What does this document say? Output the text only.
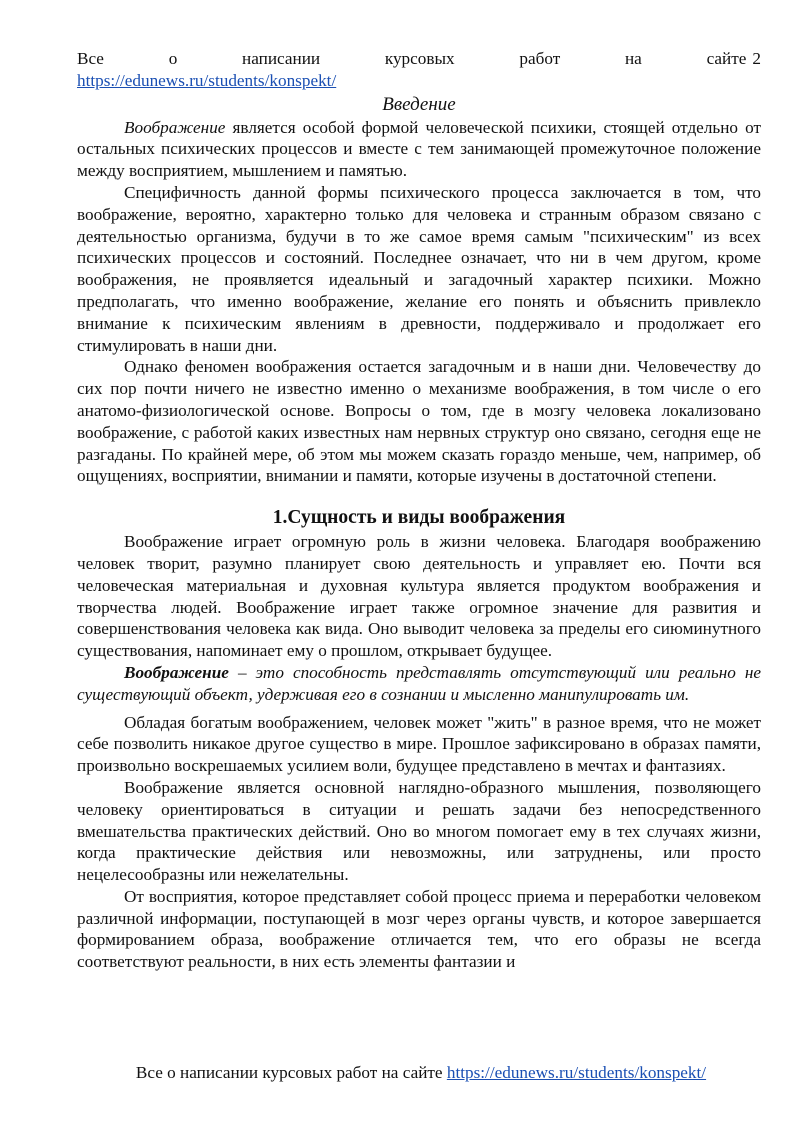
Все	о	написании	курсовых	работ	на	сайте 2
https://edunews.ru/students/konspekt/
Введение

Воображение является особой формой человеческой психики, стоящей отдельно от остальных психических процессов и вместе с тем занимающей промежуточное положение между восприятием, мышлением и памятью.

Специфичность данной формы психического процесса заключается в том, что воображение, вероятно, характерно только для человека и странным образом связано с деятельностью организма, будучи в то же самое время самым "психическим" из всех психических процессов и состояний. Последнее означает, что ни в чем другом, кроме воображения, не проявляется идеальный и загадочный характер психики. Можно предполагать, что именно воображение, желание его понять и объяснить привлекло внимание к психическим явлениям в древности, поддерживало и продолжает его стимулировать в наши дни.

Однако феномен воображения остается загадочным и в наши дни. Человечеству до сих пор почти ничего не известно именно о механизме воображения, в том числе о его анатомо-физиологической основе. Вопросы о том, где в мозгу человека локализовано воображение, с работой каких известных нам нервных структур оно связано, сегодня еще не разгаданы. По крайней мере, об этом мы можем сказать гораздо меньше, чем, например, об ощущениях, восприятии, внимании и памяти, которые изучены в достаточной степени.

1.Сущность и виды воображения

Воображение играет огромную роль в жизни человека. Благодаря воображению человек творит, разумно планирует свою деятельность и управляет ею. Почти вся человеческая материальная и духовная культура является продуктом воображения и творчества людей. Воображение играет также огромное значение для развития и совершенствования человека как вида. Оно выводит человека за пределы его сиюминутного существования, напоминает ему о прошлом, открывает будущее.

Воображение – это способность представлять отсутствующий или реально не существующий объект, удерживая его в сознании и мысленно манипулировать им.

Обладая богатым воображением, человек может "жить" в разное время, что не может себе позволить никакое другое существо в мире. Прошлое зафиксировано в образах памяти, произвольно воскрешаемых усилием воли, будущее представлено в мечтах и фантазиях.

Воображение является основной наглядно-образного мышления, позволяющего человеку ориентироваться в ситуации и решать задачи без непосредственного вмешательства практических действий. Оно во многом помогает ему в тех случаях жизни, когда практические действия или невозможны, или затруднены, или просто нецелесообразны или нежелательны.

От восприятия, которое представляет собой процесс приема и переработки человеком различной информации, поступающей в мозг через органы чувств, и которое завершается формированием образа, воображение отличается тем, что его образы не всегда соответствуют реальности, в них есть элементы фантазии и

Все о написании курсовых работ на сайте https://edunews.ru/students/konspekt/
